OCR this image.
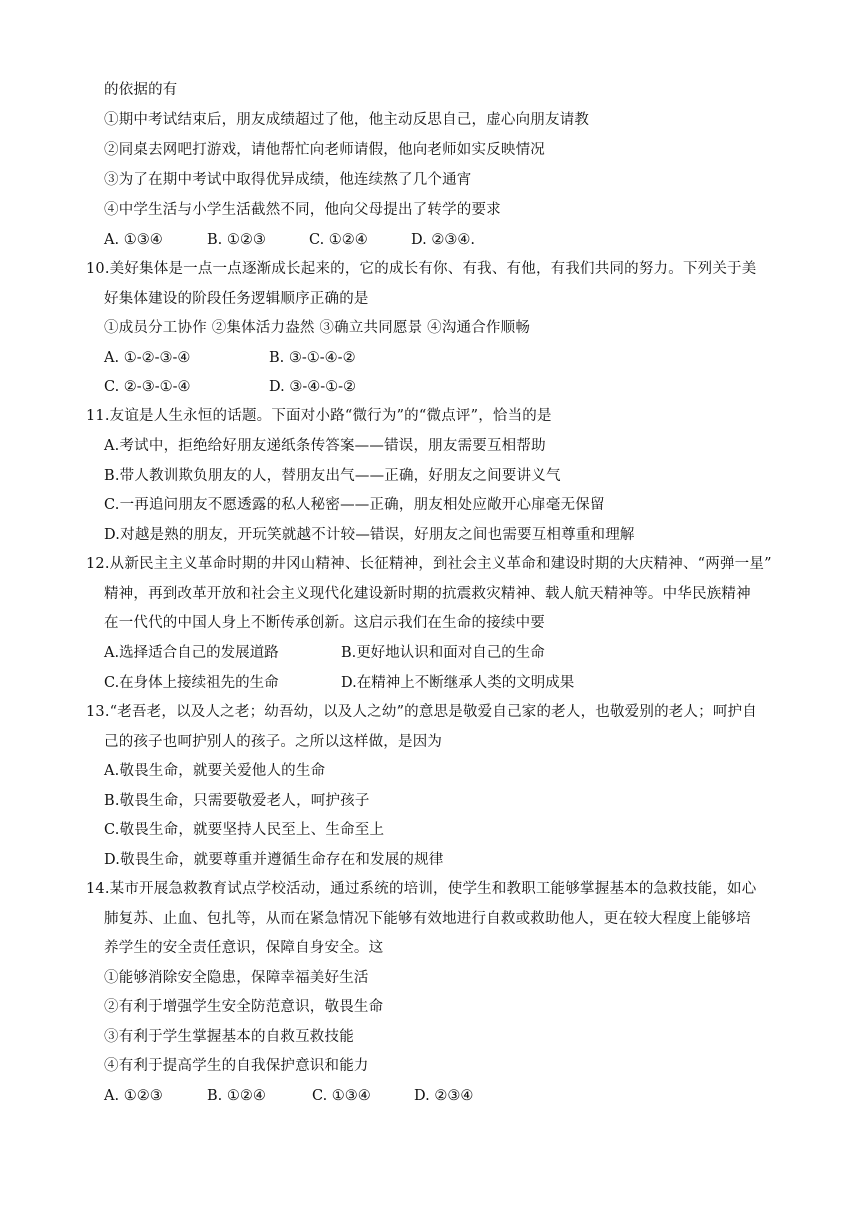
的依据的有
①期中考试结束后，朋友成绩超过了他，他主动反思自己，虚心向朋友请教
②同桌去网吧打游戏，请他帮忙向老师请假，他向老师如实反映情况
③为了在期中考试中取得优异成绩，他连续熬了几个通宵
④中学生活与小学生活截然不同，他向父母提出了转学的要求
A. ①③④	B. ①②③	C. ①②④	D. ②③④.
10.美好集体是一点一点逐渐成长起来的，它的成长有你、有我、有他，有我们共同的努力。下列关于美
好集体建设的阶段任务逻辑顺序正确的是
①成员分工协作 ②集体活力盎然 ③确立共同愿景 ④沟通合作顺畅
A. ①-②-③-④	B. ③-①-④-②
C. ②-③-①-④	D. ③-④-①-②
11.友谊是人生永恒的话题。下面对小路“微行为”的“微点评”，恰当的是
A.考试中，拒绝给好朋友递纸条传答案——错误，朋友需要互相帮助
B.带人教训欺负朋友的人，替朋友出气——正确，好朋友之间要讲义气
C.一再追问朋友不愿透露的私人秘密——正确，朋友相处应敞开心扉毫无保留
D.对越是熟的朋友，开玩笑就越不计较—错误，好朋友之间也需要互相尊重和理解
12.从新民主主义革命时期的井冈山精神、长征精神，到社会主义革命和建设时期的大庆精神、“两弹一星”
精神，再到改革开放和社会主义现代化建设新时期的抗震救灾精神、载人航天精神等。中华民族精神
在一代代的中国人身上不断传承创新。这启示我们在生命的接续中要
A.选择适合自己的发展道路	B.更好地认识和面对自己的生命
C.在身体上接续祖先的生命	D.在精神上不断继承人类的文明成果
13.“老吾老，以及人之老；幼吾幼，以及人之幼”的意思是敬爱自己家的老人，也敬爱别的老人；呵护自
己的孩子也呵护别人的孩子。之所以这样做，是因为
A.敬畏生命，就要关爱他人的生命
B.敬畏生命，只需要敬爱老人，呵护孩子
C.敬畏生命，就要坚持人民至上、生命至上
D.敬畏生命，就要尊重并遵循生命存在和发展的规律
14.某市开展急救教育试点学校活动，通过系统的培训，使学生和教职工能够掌握基本的急救技能，如心
肺复苏、止血、包扎等，从而在紧急情况下能够有效地进行自救或救助他人，更在较大程度上能够培
养学生的安全责任意识，保障自身安全。这
①能够消除安全隐患，保障幸福美好生活
②有利于增强学生安全防范意识，敬畏生命
③有利于学生掌握基本的自救互救技能
④有利于提高学生的自我保护意识和能力
A. ①②③	B. ①②④	C. ①③④	D. ②③④
